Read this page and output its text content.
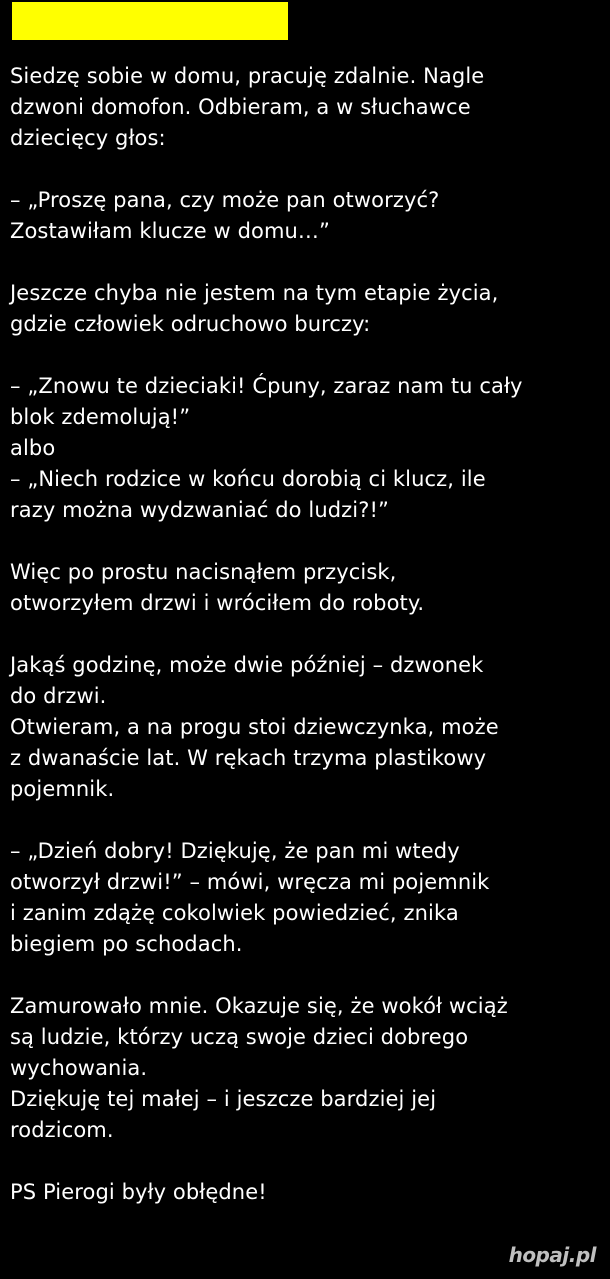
Siedzę sobie w domu, pracuję zdalnie. Nagle
dzwoni domofon. Odbieram, a w słuchawce
dziecięcy głos:
– „Proszę pana, czy może pan otworzyć?
Zostawiłam klucze w domu…”
Jeszcze chyba nie jestem na tym etapie życia,
gdzie człowiek odruchowo burczy:
– „Znowu te dzieciaki! Ćpuny, zaraz nam tu cały
blok zdemolują!”
albo
– „Niech rodzice w końcu dorobią ci klucz, ile
razy można wydzwaniać do ludzi?!”
Więc po prostu nacisnąłem przycisk,
otworzyłem drzwi i wróciłem do roboty.
Jakąś godzinę, może dwie później – dzwonek
do drzwi.
Otwieram, a na progu stoi dziewczynka, może
z dwanaście lat. W rękach trzyma plastikowy
pojemnik.
– „Dzień dobry! Dziękuję, że pan mi wtedy
otworzył drzwi!” – mówi, wręcza mi pojemnik
i zanim zdążę cokolwiek powiedzieć, znika
biegiem po schodach.
Zamurowało mnie. Okazuje się, że wokół wciąż
są ludzie, którzy uczą swoje dzieci dobrego
wychowania.
Dziękuję tej małej – i jeszcze bardziej jej
rodzicom.
PS Pierogi były obłędne!
hopaj.pl
